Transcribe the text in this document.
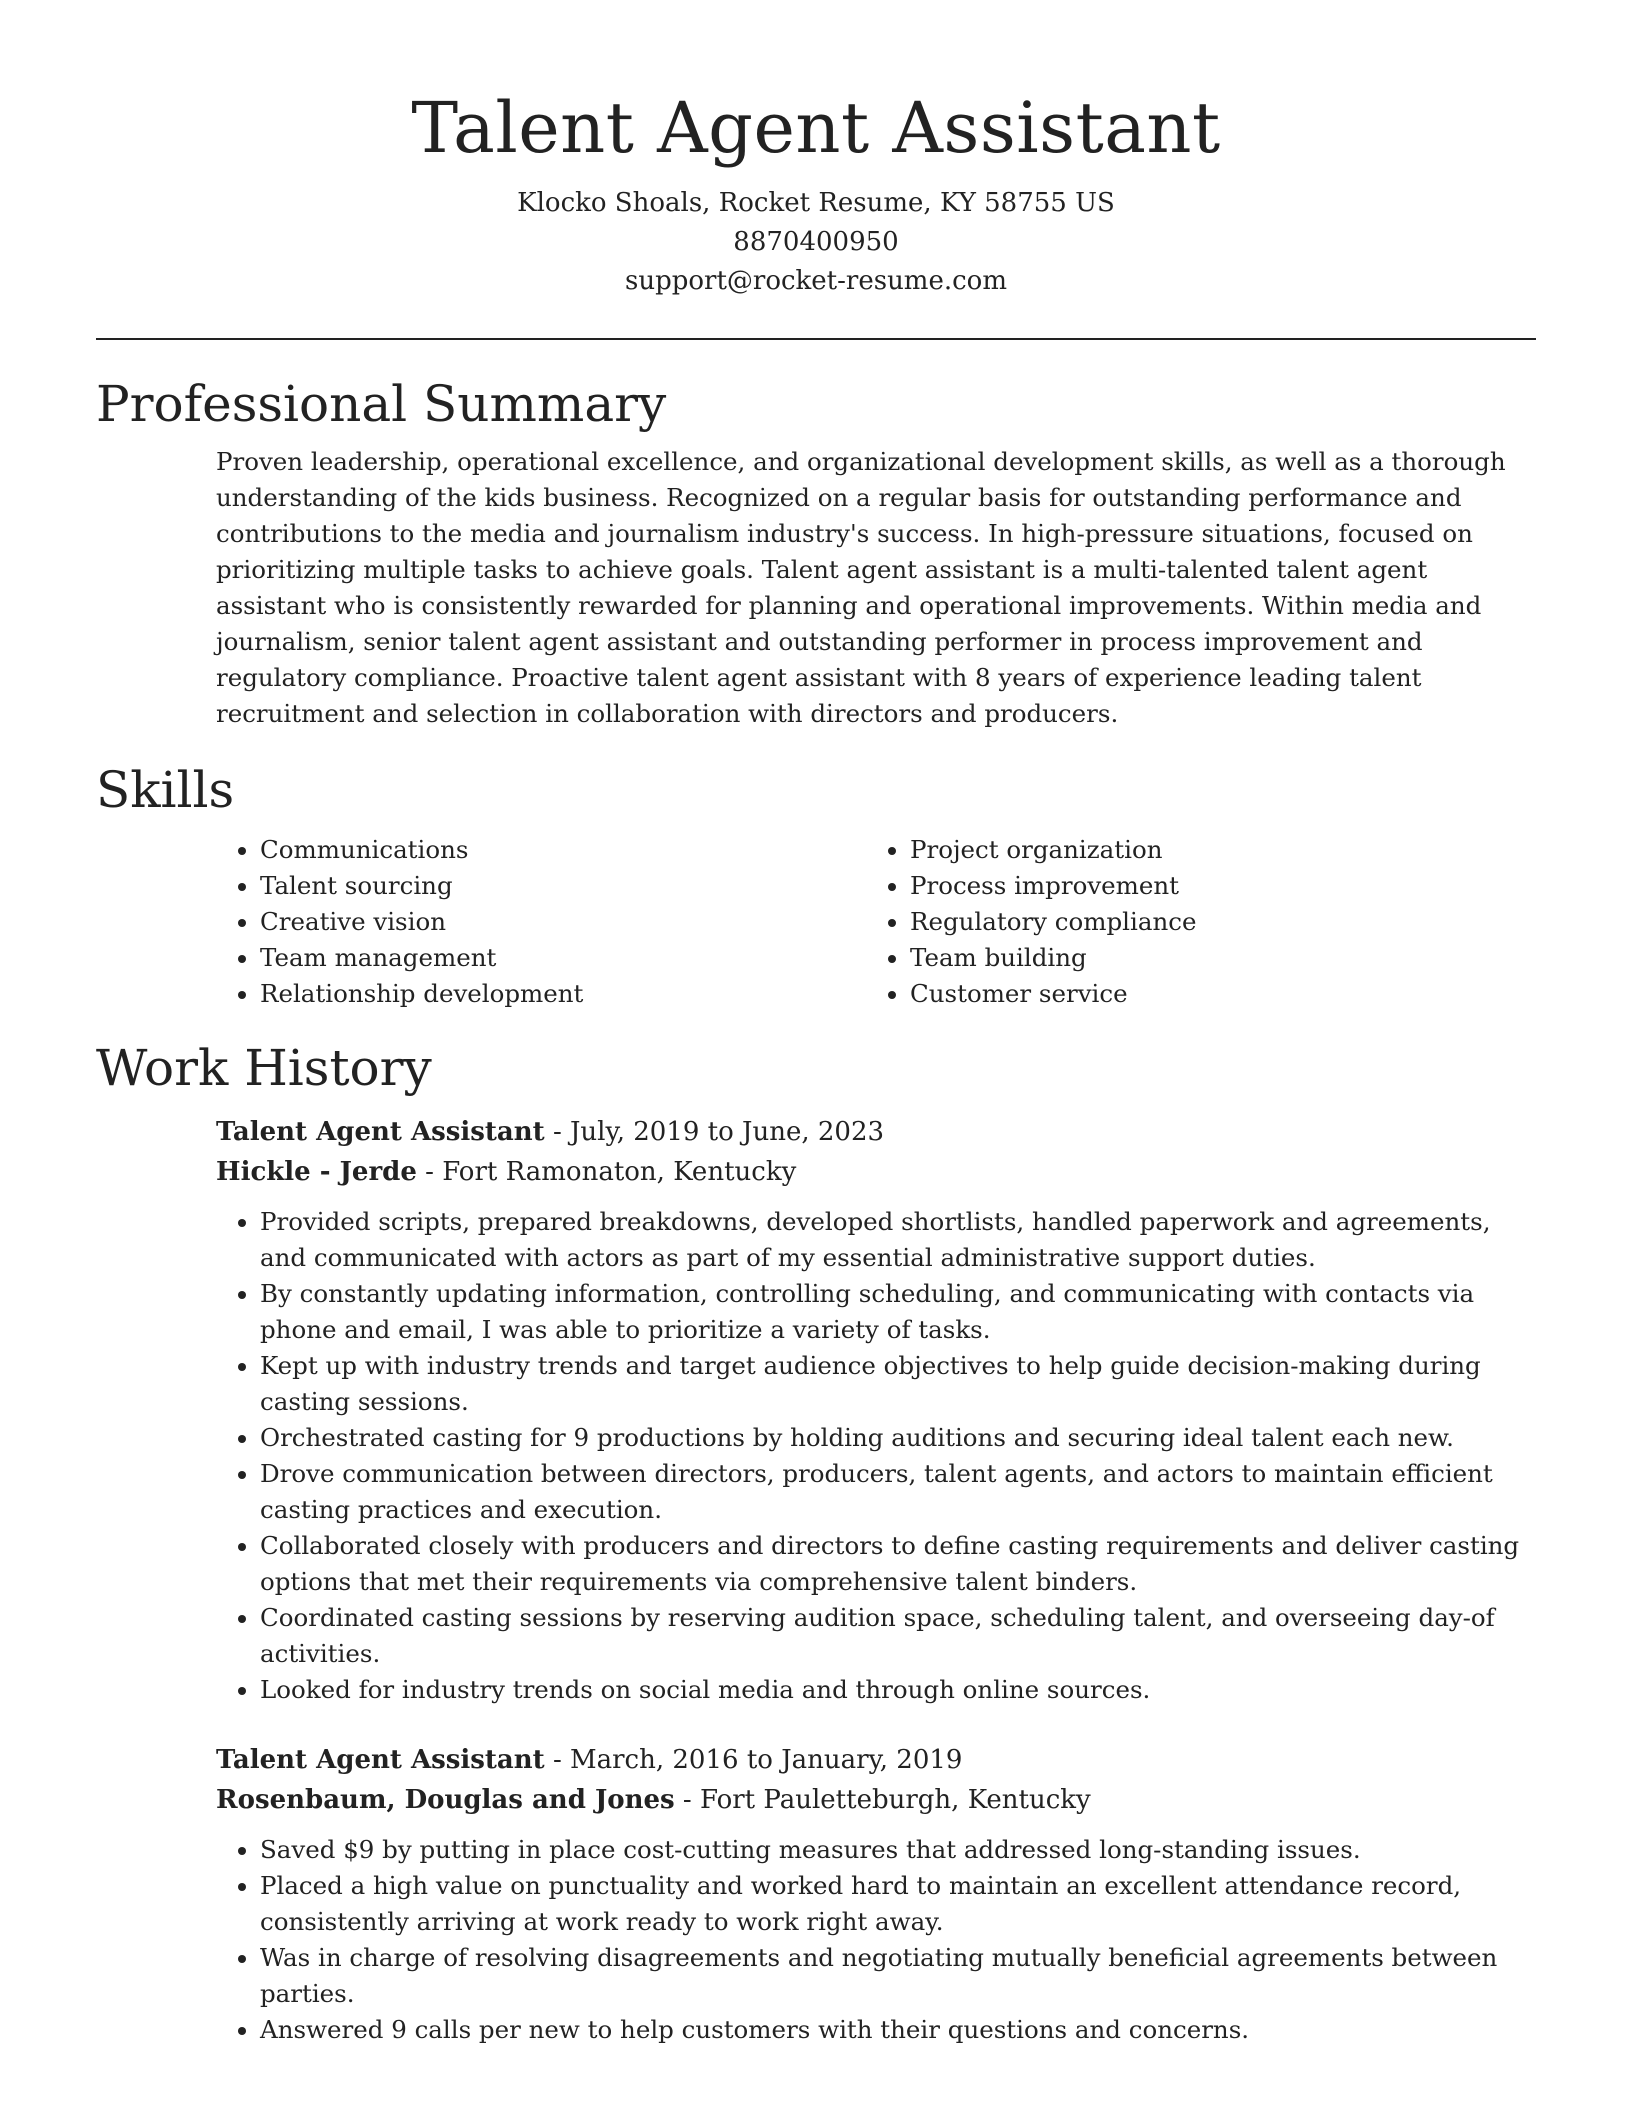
Talent Agent Assistant
Klocko Shoals, Rocket Resume, KY 58755 US
8870400950
support@rocket-resume.com
Professional Summary

Proven leadership, operational excellence, and organizational development skills, as well as a thorough understanding of the kids business. Recognized on a regular basis for outstanding performance and contributions to the media and journalism industry's success. In high-pressure situations, focused on prioritizing multiple tasks to achieve goals. Talent agent assistant is a multi-talented talent agent assistant who is consistently rewarded for planning and operational improvements. Within media and journalism, senior talent agent assistant and outstanding performer in process improvement and regulatory compliance. Proactive talent agent assistant with 8 years of experience leading talent recruitment and selection in collaboration with directors and producers.

Skills
• Communications
• Talent sourcing
• Creative vision
• Team management
• Relationship development
• Project organization
• Process improvement
• Regulatory compliance
• Team building
• Customer service
Work History
Talent Agent Assistant - July, 2019 to June, 2023
Hickle - Jerde - Fort Ramonaton, Kentucky
• Provided scripts, prepared breakdowns, developed shortlists, handled paperwork and agreements, and communicated with actors as part of my essential administrative support duties.
• By constantly updating information, controlling scheduling, and communicating with contacts via phone and email, I was able to prioritize a variety of tasks.
• Kept up with industry trends and target audience objectives to help guide decision-making during casting sessions.
• Orchestrated casting for 9 productions by holding auditions and securing ideal talent each new.
• Drove communication between directors, producers, talent agents, and actors to maintain efficient casting practices and execution.
• Collaborated closely with producers and directors to define casting requirements and deliver casting options that met their requirements via comprehensive talent binders.
• Coordinated casting sessions by reserving audition space, scheduling talent, and overseeing day-of activities.
• Looked for industry trends on social media and through online sources.
Talent Agent Assistant - March, 2016 to January, 2019
Rosenbaum, Douglas and Jones - Fort Pauletteburgh, Kentucky
• Saved $9 by putting in place cost-cutting measures that addressed long-standing issues.
• Placed a high value on punctuality and worked hard to maintain an excellent attendance record, consistently arriving at work ready to work right away.
• Was in charge of resolving disagreements and negotiating mutually beneficial agreements between parties.
• Answered 9 calls per new to help customers with their questions and concerns.
